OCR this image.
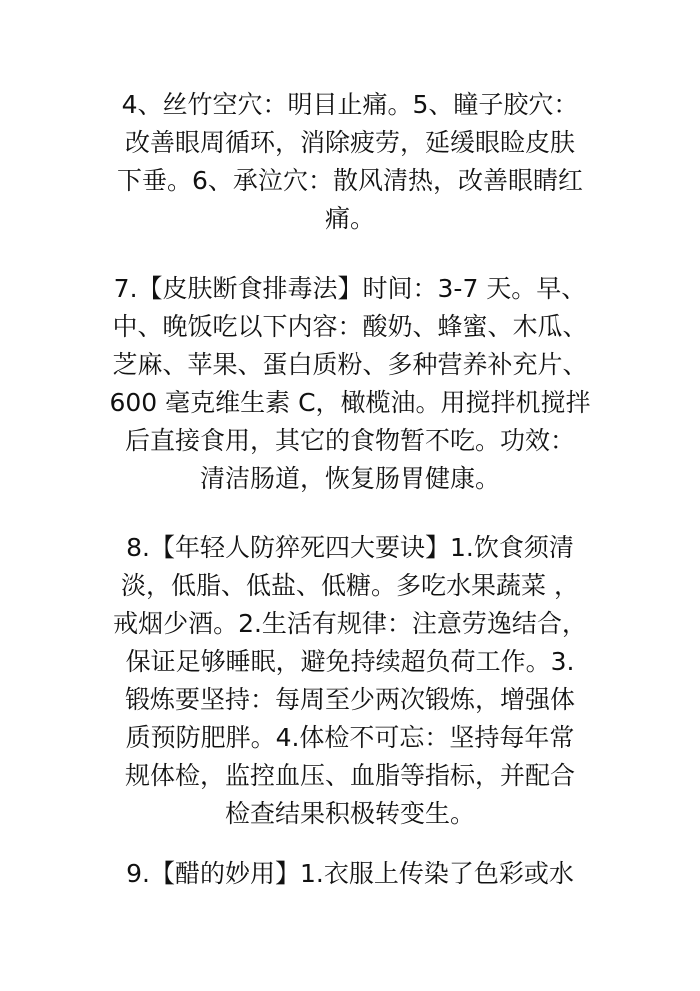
4、丝竹空穴：明目止痛。5、瞳子胶穴：
改善眼周循环，消除疲劳，延缓眼睑皮肤
下垂。6、承泣穴：散风清热，改善眼睛红
痛。
7.【皮肤断食排毒法】时间：3-7 天。早、
中、晚饭吃以下内容：酸奶、蜂蜜、木瓜、
芝麻、苹果、蛋白质粉、多种营养补充片、
600 毫克维生素 C，橄榄油。用搅拌机搅拌
后直接食用，其它的食物暂不吃。功效：
清洁肠道，恢复肠胃健康。
8.【年轻人防猝死四大要诀】1.饮食须清
淡，低脂、低盐、低糖。多吃水果蔬菜 ，
戒烟少酒。2.生活有规律：注意劳逸结合，
保证足够睡眠，避免持续超负荷工作。3.
锻炼要坚持：每周至少两次锻炼，增强体
质预防肥胖。4.体检不可忘：坚持每年常
规体检，监控血压、血脂等指标，并配合
检查结果积极转变生。
9.【醋的妙用】1.衣服上传染了色彩或水
